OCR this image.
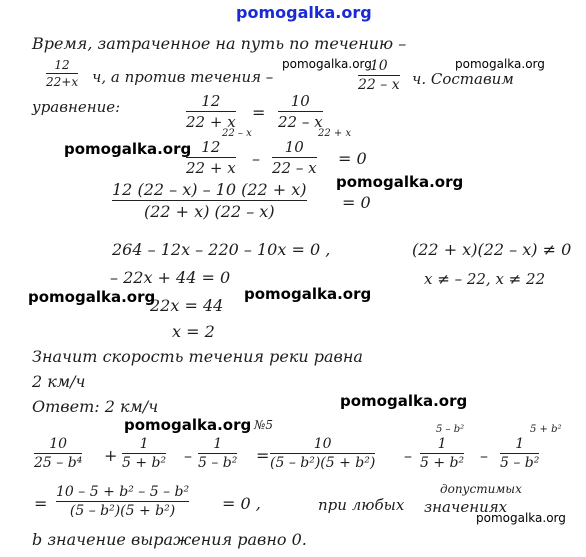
pomogalka.org
Время, затраченное на путь по течению –
12
22+x ч, а против течения –
10
22 – x ч. Составим
уравнение:	12
22 + x
=
10
22 – x
22 – x	22 + x
12
22 + x
–
10
22 – x
= 0
12 (22 – x) – 10 (22 + x)
(22 + x) (22 – x)	= 0
264 – 12x – 220 – 10x = 0 ,	(22 + x)(22 – x) ≠ 0
– 22x + 44 = 0	x ≠ – 22, x ≠ 22
22x = 44
x = 2
Значит скорость течения реки равна
2 км/ч
Ответ: 2 км/ч
№5
10
25 – b⁴ +
1
5 + b² –
1
5 – b² =
10
(5 – b²)(5 + b²) –
5 – b²
1
5 + b² –
5 + b²
1
5 – b²
=
10 – 5 + b² – 5 – b²
(5 – b²)(5 + b²)	= 0 ,	при любых
допустимых
значениях
b значение выражения равно 0.
pomogalka.org	pomogalka.org
pomogalka.org
pomogalka.org
pomogalka.org	pomogalka.org
pomogalka.org
pomogalka.org
pomogalka.org
